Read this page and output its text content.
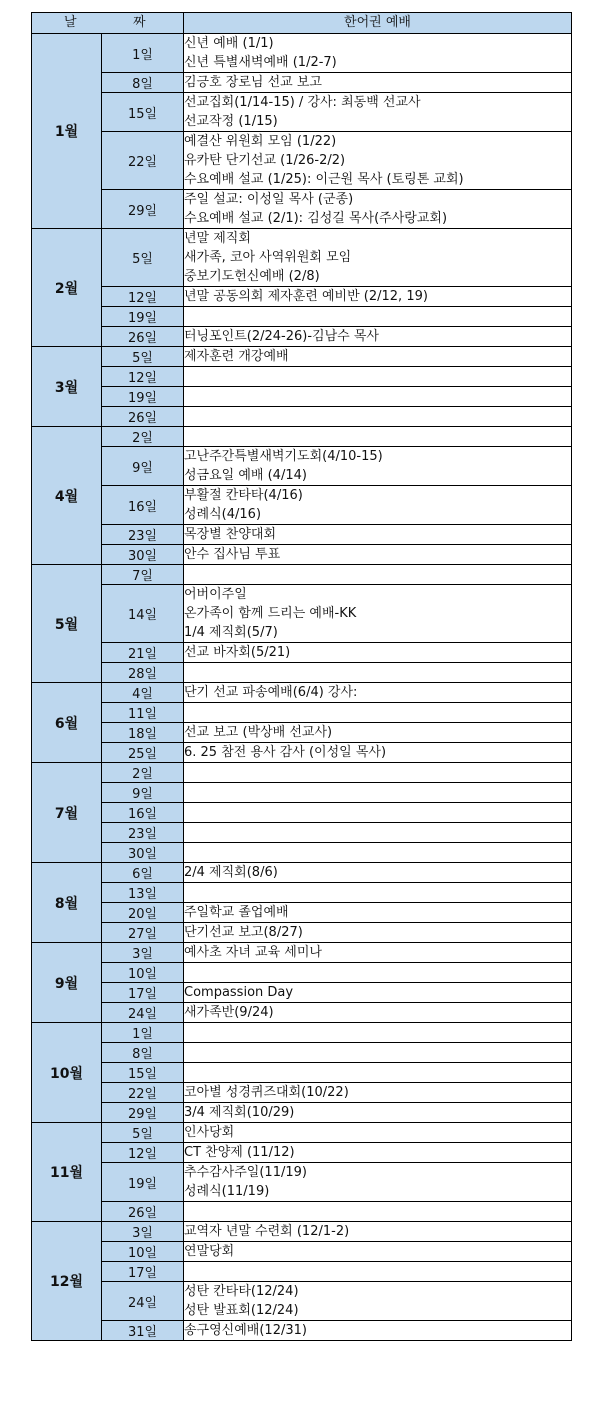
날 짜		한어권 예배
1월	1일	신년 예배 (1/1)
신년 특별새벽예배 (1/2-7)

	8일	김긍호 장로님 선교 보고

	15일	선교집회(1/14-15) / 강사: 최동백 선교사
선교작정 (1/15)

	22일	예결산 위원회 모임 (1/22)
유카탄 단기선교 (1/26-2/2)
수요예배 설교 (1/25): 이근원 목사 (토링톤 교회)

	29일	주일 설교: 이성일 목사 (군종)
수요예배 설교 (2/1): 김성길 목사(주사랑교회)

2월	5일	년말 제직회
새가족, 코아 사역위원회 모임
중보기도헌신예배 (2/8)

	12일	년말 공동의회 제자훈련 예비반 (2/12, 19)

	19일	
	26일	터닝포인트(2/24-26)-김남수 목사

3월	5일	제자훈련 개강예배

	12일	
	19일	
	26일	
4월	2일	
	9일	고난주간특별새벽기도회(4/10-15)
성금요일 예배 (4/14)

	16일	부활절 칸타타(4/16)
성례식(4/16)

	23일	목장별 찬양대회

	30일	안수 집사님 투표

5월	7일	
	14일	어버이주일
온가족이 함께 드리는 예배-KK
1/4 제직회(5/7)

	21일	선교 바자회(5/21)

	28일	
6월	4일	단기 선교 파송예배(6/4) 강사:

	11일	
	18일	선교 보고 (박상배 선교사)

	25일	6. 25 참전 용사 감사 (이성일 목사)

7월	2일	
	9일	
	16일	
	23일	
	30일	
8월	6일	2/4 제직회(8/6)

	13일	
	20일	주일학교 졸업예배

	27일	단기선교 보고(8/27)

9월	3일	예사초 자녀 교육 세미나

	10일	
	17일	Compassion Day

	24일	새가족반(9/24)

10월	1일	
	8일	
	15일	
	22일	코아별 성경퀴즈대회(10/22)

	29일	3/4 제직회(10/29)

11월	5일	인사당회

	12일	CT 찬양제 (11/12)

	19일	추수감사주일(11/19)
성례식(11/19)

	26일	
12월	3일	교역자 년말 수련회 (12/1-2)

	10일	연말당회

	17일	
	24일	성탄 칸타타(12/24)
성탄 발표회(12/24)

	31일	송구영신예배(12/31)
